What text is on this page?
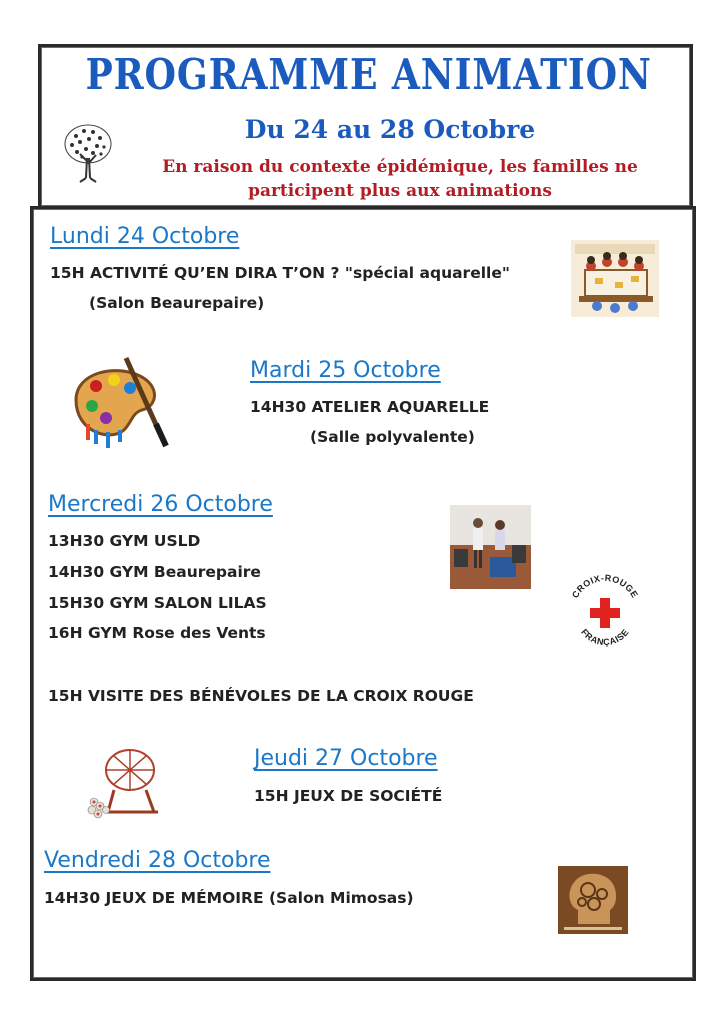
PROGRAMME ANIMATION
Du 24 au 28 Octobre
En raison du contexte épidémique, les familles ne
participent plus aux animations
Lundi 24 Octobre
15H ACTIVITÉ QU’EN DIRA T’ON ? "spécial aquarelle"
(Salon Beaurepaire)
Mardi 25 Octobre
14H30 ATELIER AQUARELLE
(Salle polyvalente)
Mercredi 26 Octobre
13H30 GYM USLD
14H30 GYM Beaurepaire
15H30 GYM SALON LILAS
16H GYM Rose des Vents
15H VISITE DES BÉNÉVOLES DE LA CROIX ROUGE
CROIX-ROUGE
FRANÇAISE
Jeudi 27 Octobre
15H JEUX DE SOCIÉTÉ
Vendredi 28 Octobre
14H30 JEUX DE MÉMOIRE (Salon Mimosas)
